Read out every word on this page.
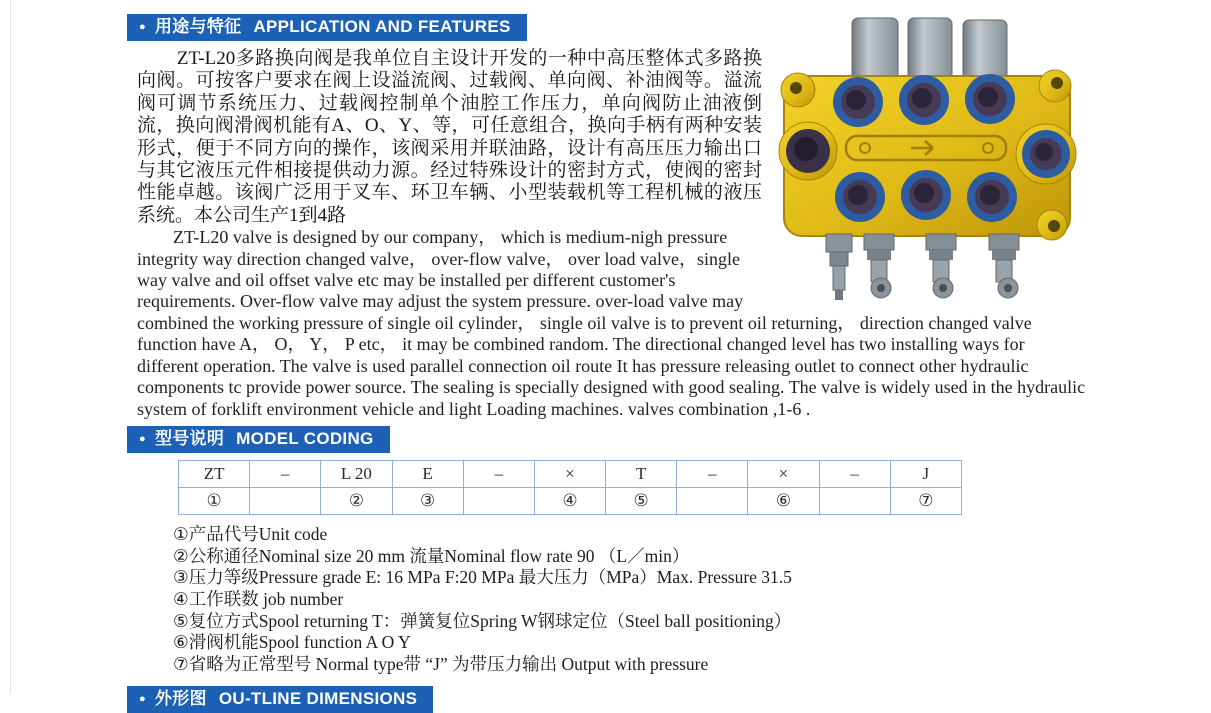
● 用途与特征 APPLICATION AND FEATURES

ZT-L20多路换向阀是我单位自主设计开发的一种中高压整体式多路换向阀。可按客户要求在阀上设溢流阀、过载阀、单向阀、补油阀等。溢流阀可调节系统压力、过载阀控制单个油腔工作压力，单向阀防止油液倒流，换向阀滑阀机能有A、O、Y、等，可任意组合，换向手柄有两种安装形式，便于不同方向的操作，该阀采用并联油路，设计有高压压力输出口与其它液压元件相接提供动力源。经过特殊设计的密封方式，使阀的密封性能卓越。该阀广泛用于叉车、环卫车辆、小型装载机等工程机械的液压系统。本公司生产1到4路

ZT-L20 valve is designed by our company， which is medium-nigh pressure integrity way direction changed valve， over-flow valve， over load valve，single way valve and oil offset valve etc may be installed per different customer's requirements. Over-flow valve may adjust the system pressure. over-load valve may combined the working pressure of single oil cylinder， single oil valve is to prevent oil returning， direction changed valve function have A， O， Y， P etc， it may be combined random. The directional changed level has two installing ways for different operation. The valve is used parallel connection oil route It has pressure releasing outlet to connect other hydraulic components tc provide power source. The sealing is specially designed with good sealing. The valve is widely used in the hydraulic system of forklift environment vehicle and light Loading machines. valves combination ,1-6 .

● 型号说明 MODEL CODING
ZT	–	L 20	E	–	×	T	–	×	–	J
①		②	③		④	⑤		⑥		⑦
①产品代号Unit code
②公称通径Nominal size 20 mm 流量Nominal flow rate 90 （L／min）
③压力等级Pressure grade E: 16 MPa F:20 MPa 最大压力（MPa）Max. Pressure 31.5
④工作联数 job number
⑤复位方式Spool returning T：弹簧复位Spring W钢球定位（Steel ball positioning）
⑥滑阀机能Spool function A O Y
⑦省略为正常型号 Normal type带 “J” 为带压力输出 Output with pressure
● 外形图 OU-TLINE DIMENSIONS
